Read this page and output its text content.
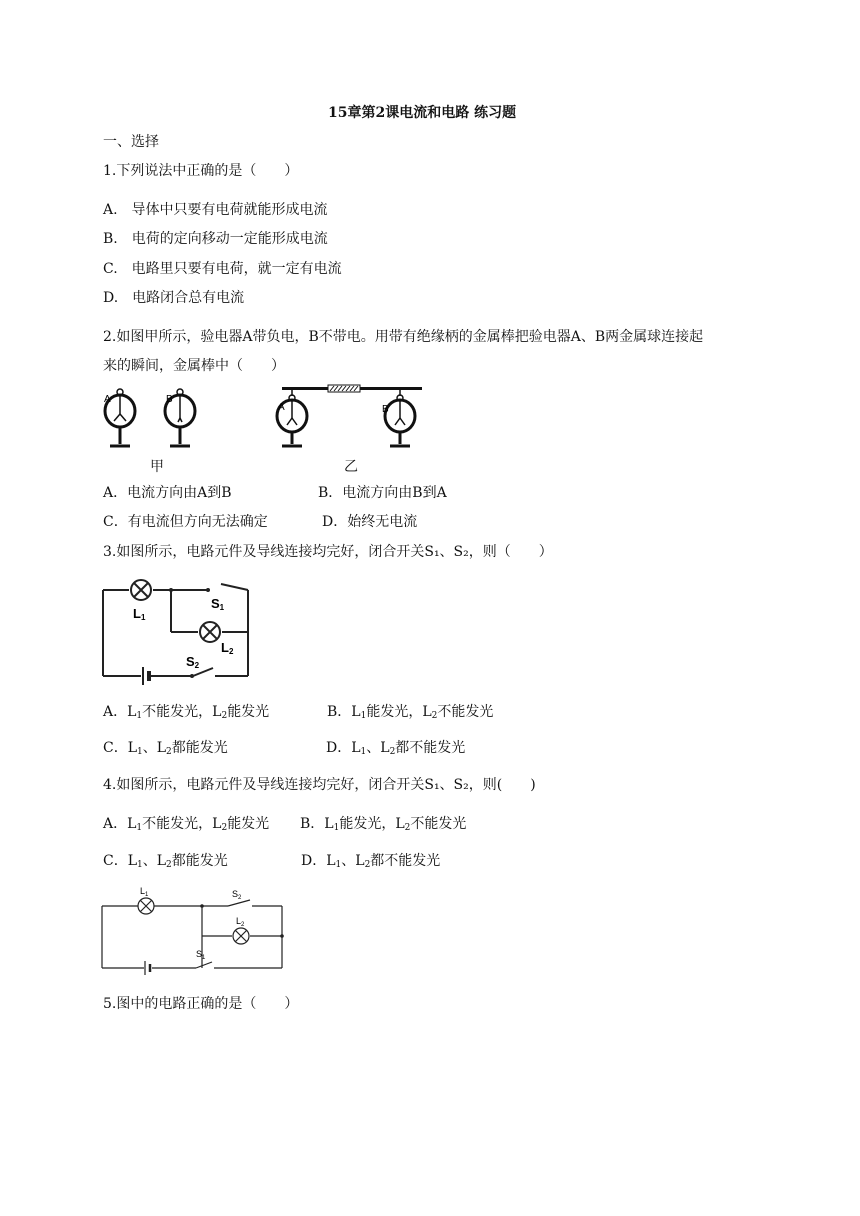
15章第2课电流和电路 练习题
一、选择
1.下列说法中正确的是（　　）
A.　导体中只要有电荷就能形成电流
B.　电荷的定向移动一定能形成电流
C.　电路里只要有电荷，就一定有电流
D.　电路闭合总有电流
2.如图甲所示，验电器A带负电，B不带电。用带有绝缘柄的金属棒把验电器A、B两金属球连接起
来的瞬间，金属棒中（　　）
A	B
A	B
甲	乙
A．电流方向由A到B	B．电流方向由B到A
C．有电流但方向无法确定	D．始终无电流
3.如图所示，电路元件及导线连接均完好，闭合开关S₁、S₂，则（　　）
L1
S1
L2
S2
A．$L_1$不能发光，$L_2$能发光	B．$L_1$能发光，$L_2$不能发光
C．$L_1$、$L_2$都能发光	D．$L_1$、$L_2$都不能发光
4.如图所示，电路元件及导线连接均完好，闭合开关S₁、S₂，则(　　)
A．$L_1$不能发光，$L_2$能发光 B．$L_1$能发光，$L_2$不能发光
C．$L_1$、$L_2$都能发光	D．$L_1$、$L_2$都不能发光
$L_1$	$S_2$
$L_2$
$S_1$
5.图中的电路正确的是（　　）
